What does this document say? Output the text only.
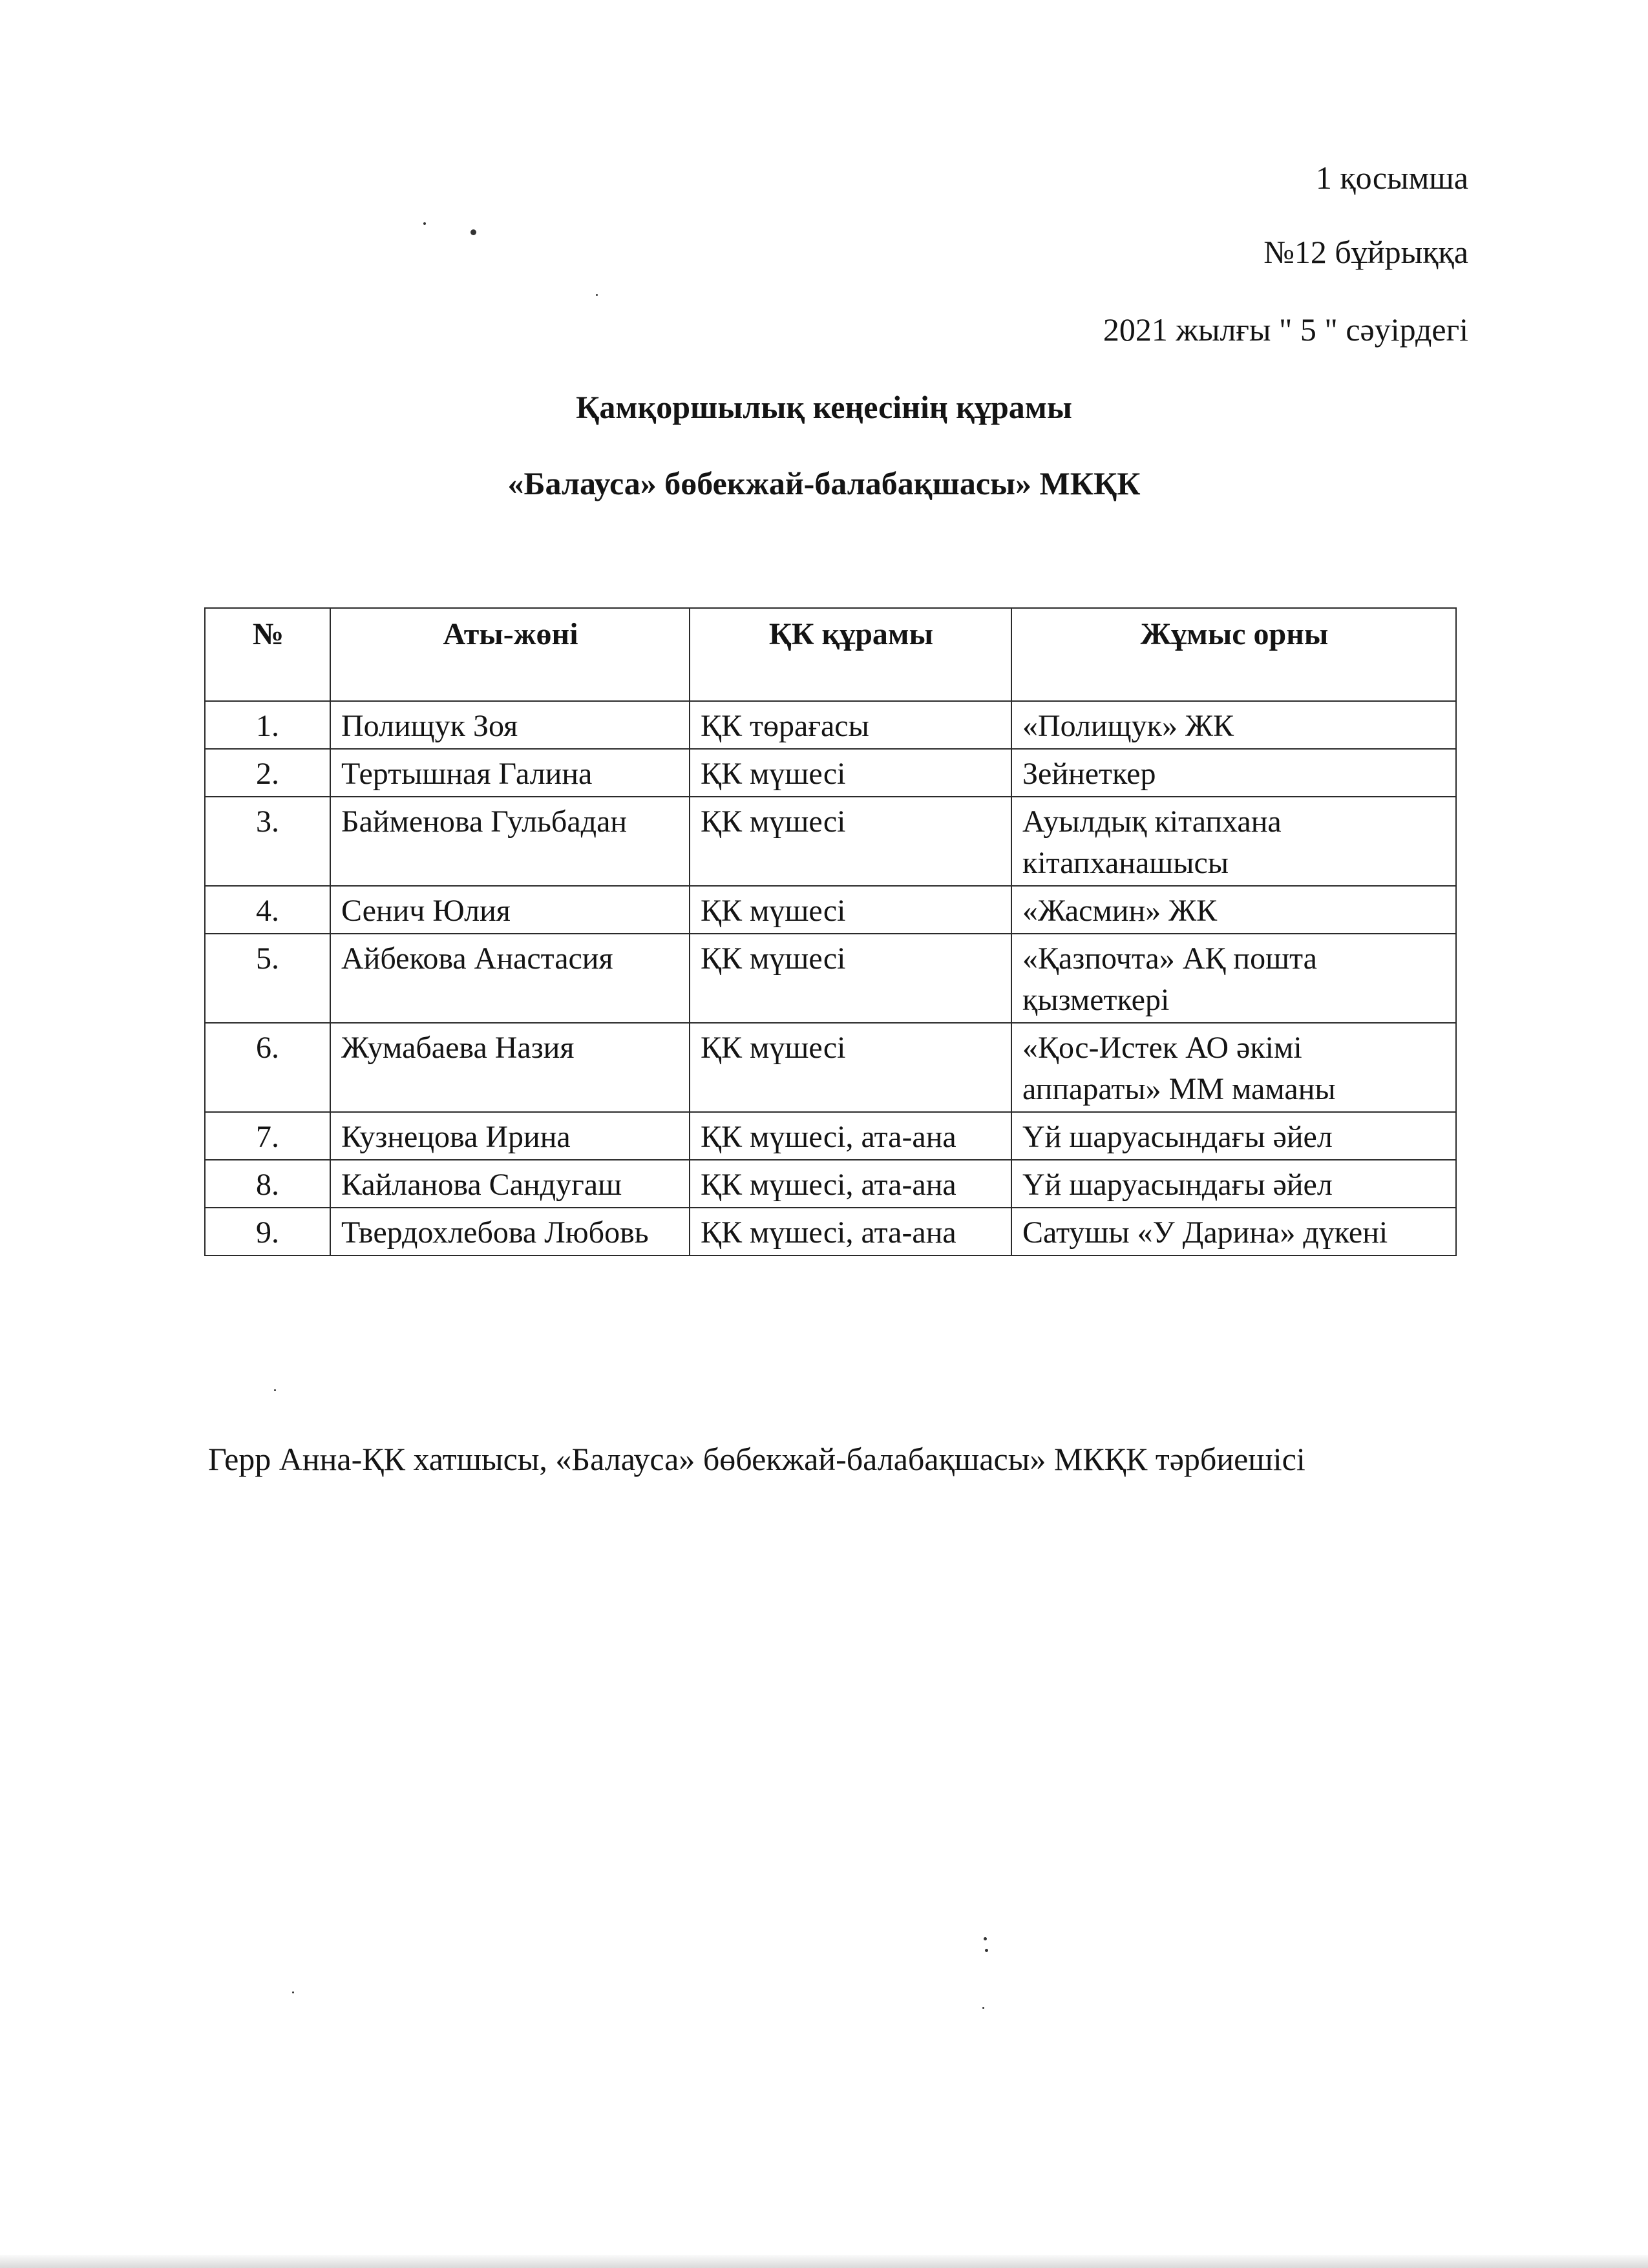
1 қосымша
№12 бұйрыққа
2021 жылғы " 5 " сәуірдегі
Қамқоршылық кеңесінің құрамы
«Балауса» бөбекжай-балабақшасы» МКҚК
№	Аты-жөні	ҚК құрамы	Жұмыс орны
1.	Полищук Зоя	ҚК төрағасы	«Полищук» ЖК
2.	Тертышная Галина	ҚК мүшесі	Зейнеткер
3.	Байменова Гульбадан	ҚК мүшесі	Ауылдық кітапхана кітапханашысы
4.	Сенич Юлия	ҚК мүшесі	«Жасмин» ЖК
5.	Айбекова Анастасия	ҚК мүшесі	«Қазпочта» АҚ пошта қызметкері
6.	Жумабаева Назия	ҚК мүшесі	«Қос-Истек АО әкімі аппараты» ММ маманы
7.	Кузнецова Ирина	ҚК мүшесі, ата-ана	Үй шаруасындағы әйел
8.	Кайланова Сандугаш	ҚК мүшесі, ата-ана	Үй шаруасындағы әйел
9.	Твердохлебова Любовь	ҚК мүшесі, ата-ана	Сатушы «У Дарина» дүкені
Герр Анна-ҚК хатшысы, «Балауса» бөбекжай-балабақшасы» МКҚК тәрбиешісі
